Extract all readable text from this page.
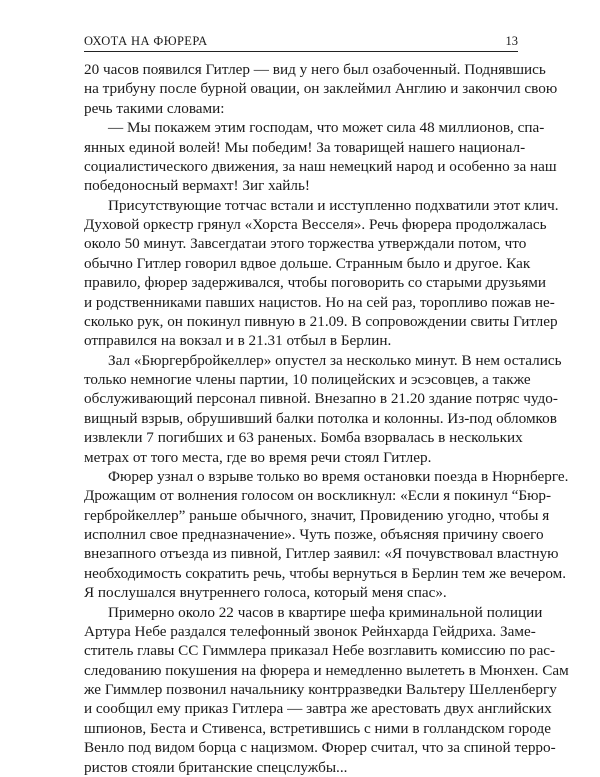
ОХОТА НА ФЮРЕРА	13
20 часов появился Гитлер — вид у него был озабоченный. Поднявшись
на трибуну после бурной овации, он заклеймил Англию и закончил свою
речь такими словами:
— Мы покажем этим господам, что может сила 48 миллионов, спа-
янных единой волей! Мы победим! За товарищей нашего национал-
социалистического движения, за наш немецкий народ и особенно за наш
победоносный вермахт! Зиг хайль!
Присутствующие тотчас встали и исступленно подхватили этот клич.
Духовой оркестр грянул «Хорста Весселя». Речь фюрера продолжалась
около 50 минут. Завсегдатаи этого торжества утверждали потом, что
обычно Гитлер говорил вдвое дольше. Странным было и другое. Как
правило, фюрер задерживался, чтобы поговорить со старыми друзьями
и родственниками павших нацистов. Но на сей раз, торопливо пожав не-
сколько рук, он покинул пивную в 21.09. В сопровождении свиты Гитлер
отправился на вокзал и в 21.31 отбыл в Берлин.
Зал «Бюргербройкеллер» опустел за несколько минут. В нем остались
только немногие члены партии, 10 полицейских и эсэсовцев, а также
обслуживающий персонал пивной. Внезапно в 21.20 здание потряс чудо-
вищный взрыв, обрушивший балки потолка и колонны. Из-под обломков
извлекли 7 погибших и 63 раненых. Бомба взорвалась в нескольких
метрах от того места, где во время речи стоял Гитлер.
Фюрер узнал о взрыве только во время остановки поезда в Нюрнберге.
Дрожащим от волнения голосом он воскликнул: «Если я покинул “Бюр-
гербройкеллер” раньше обычного, значит, Провидению угодно, чтобы я
исполнил свое предназначение». Чуть позже, объясняя причину своего
внезапного отъезда из пивной, Гитлер заявил: «Я почувствовал властную
необходимость сократить речь, чтобы вернуться в Берлин тем же вечером.
Я послушался внутреннего голоса, который меня спас».
Примерно около 22 часов в квартире шефа криминальной полиции
Артура Небе раздался телефонный звонок Рейнхарда Гейдриха. Заме-
ститель главы СС Гиммлера приказал Небе возглавить комиссию по рас-
следованию покушения на фюрера и немедленно вылететь в Мюнхен. Сам
же Гиммлер позвонил начальнику контрразведки Вальтеру Шелленбергу
и сообщил ему приказ Гитлера — завтра же арестовать двух английских
шпионов, Беста и Стивенса, встретившись с ними в голландском городе
Венло под видом борца с нацизмом. Фюрер считал, что за спиной терро-
ристов стояли британские спецслужбы...
